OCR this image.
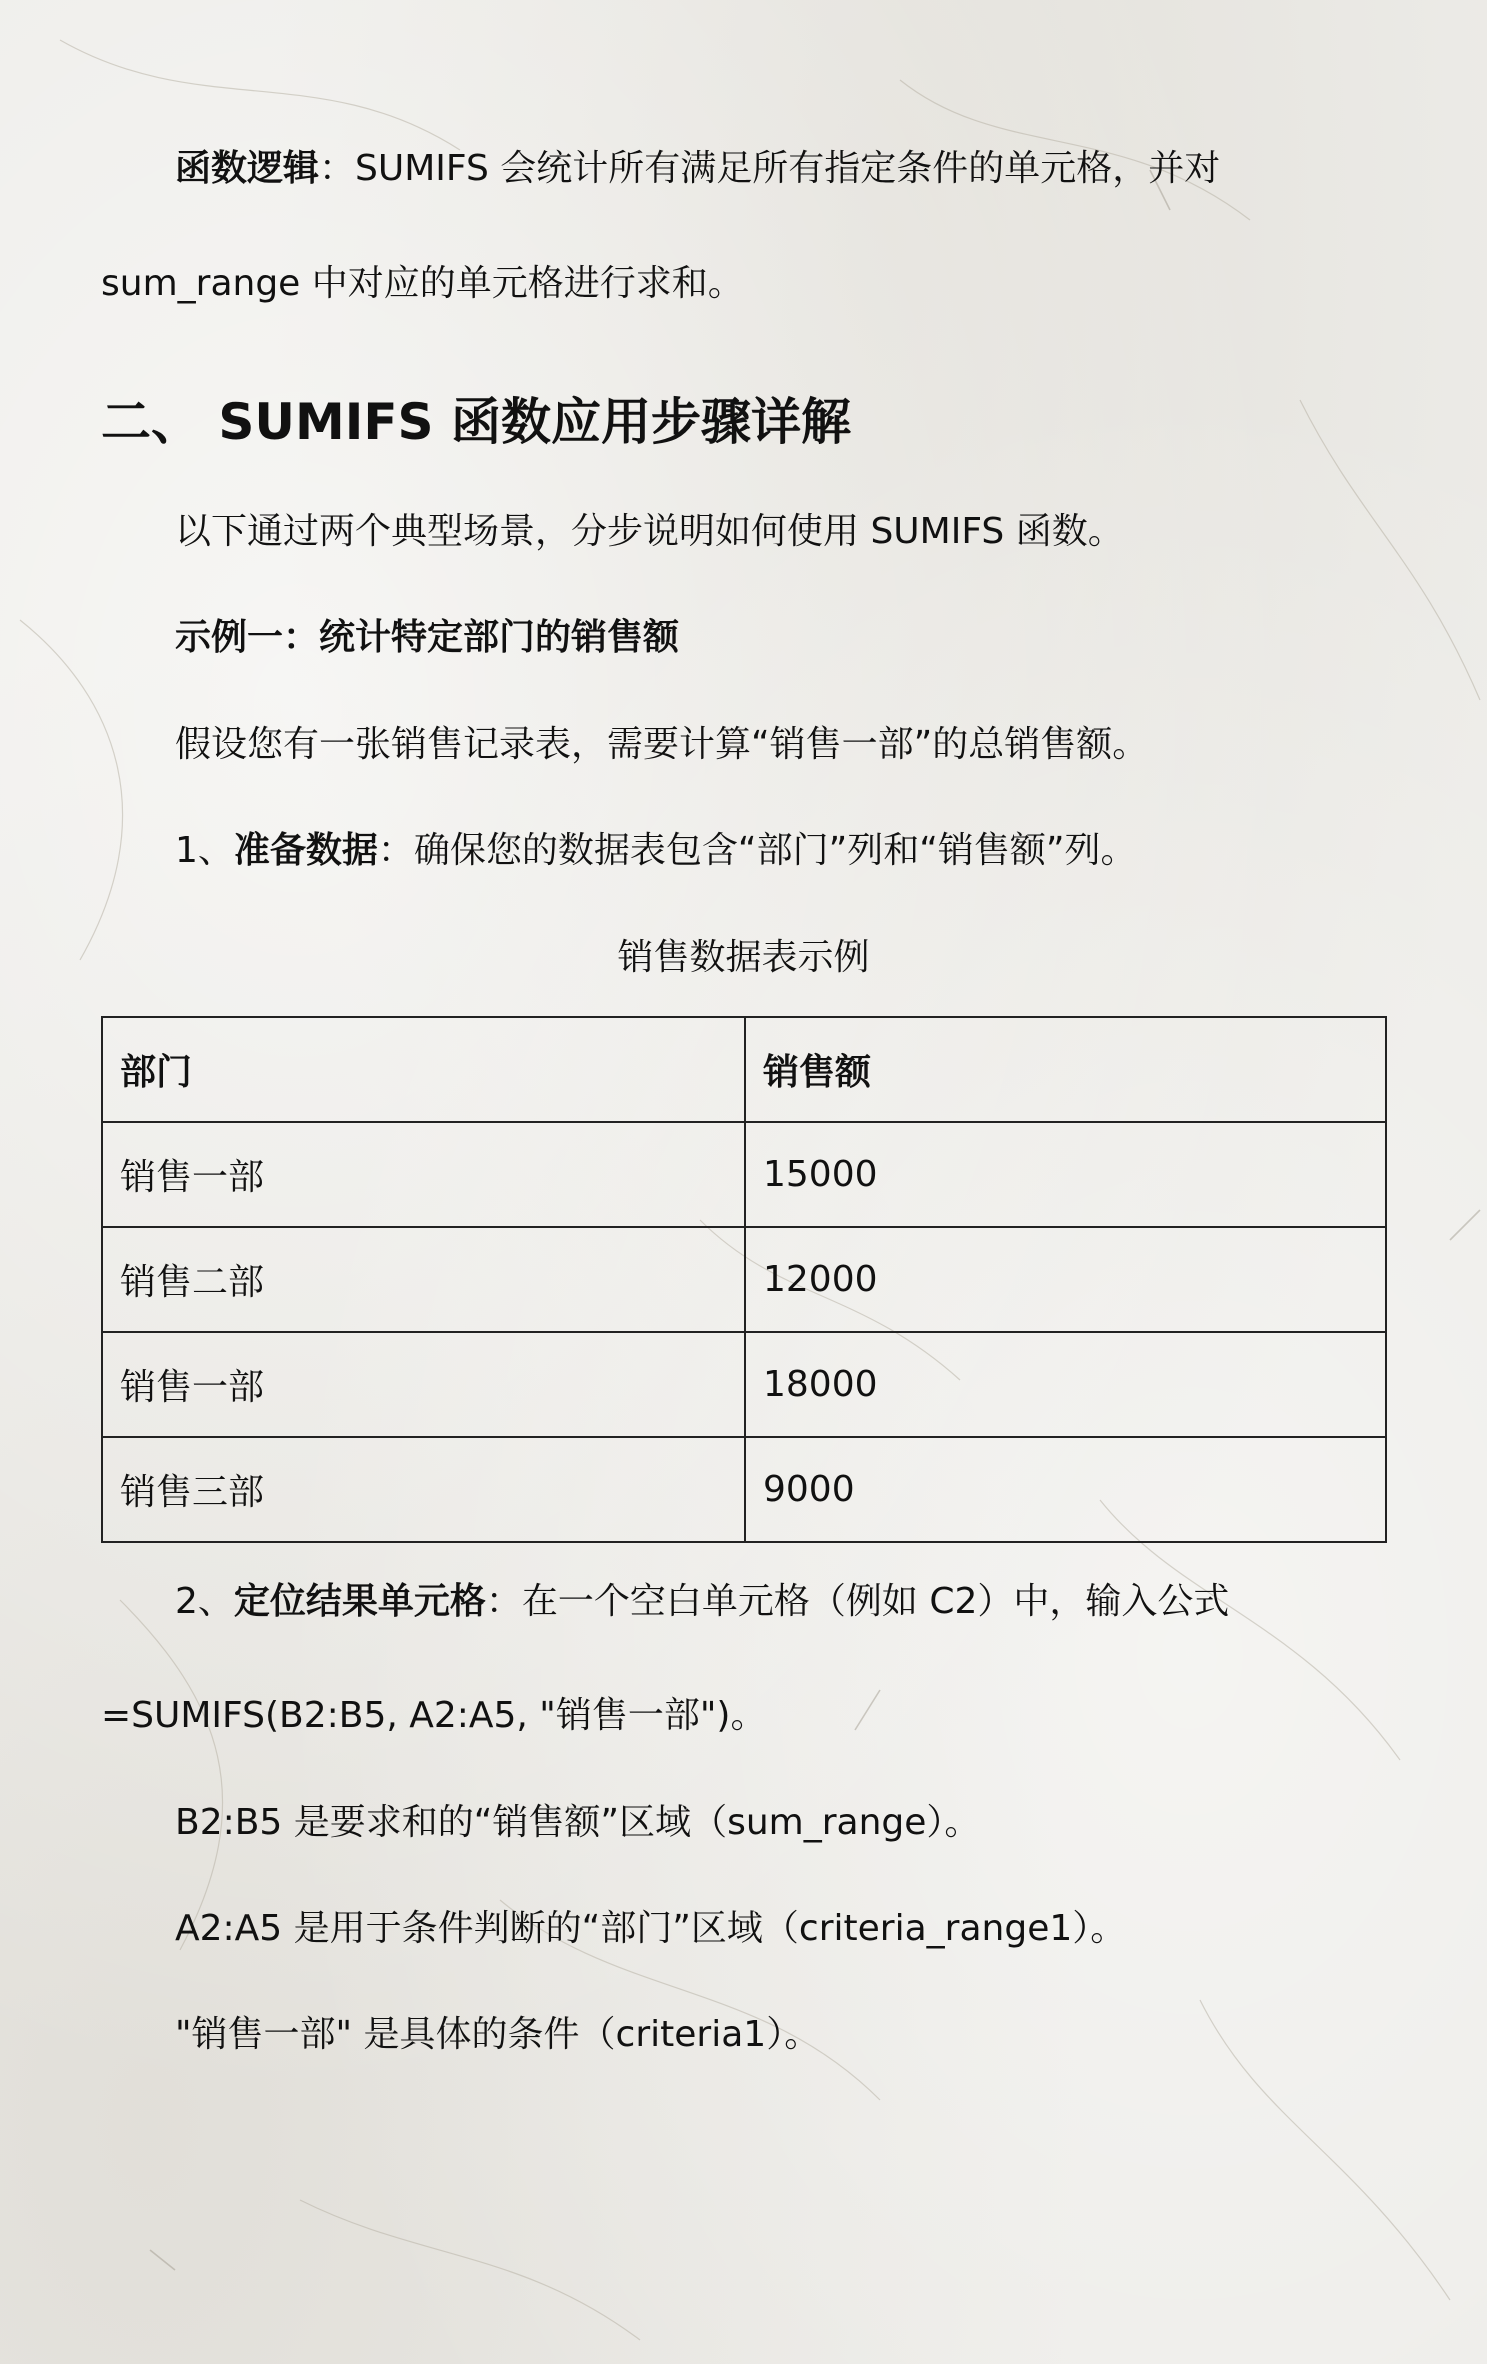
函数逻辑：SUMIFS 会统计所有满足所有指定条件的单元格，并对
sum_range 中对应的单元格进行求和。
二、 SUMIFS 函数应用步骤详解
以下通过两个典型场景，分步说明如何使用 SUMIFS 函数。
示例一：统计特定部门的销售额
假设您有一张销售记录表，需要计算“销售一部”的总销售额。
1、准备数据：确保您的数据表包含“部门”列和“销售额”列。
销售数据表示例
部门	销售额
销售一部	15000
销售二部	12000
销售一部	18000
销售三部	9000
2、定位结果单元格：在一个空白单元格（例如 C2）中，输入公式
=SUMIFS(B2:B5, A2:A5, "销售一部")。
B2:B5 是要求和的“销售额”区域（sum_range）。
A2:A5 是用于条件判断的“部门”区域（criteria_range1）。
"销售一部" 是具体的条件（criteria1）。
